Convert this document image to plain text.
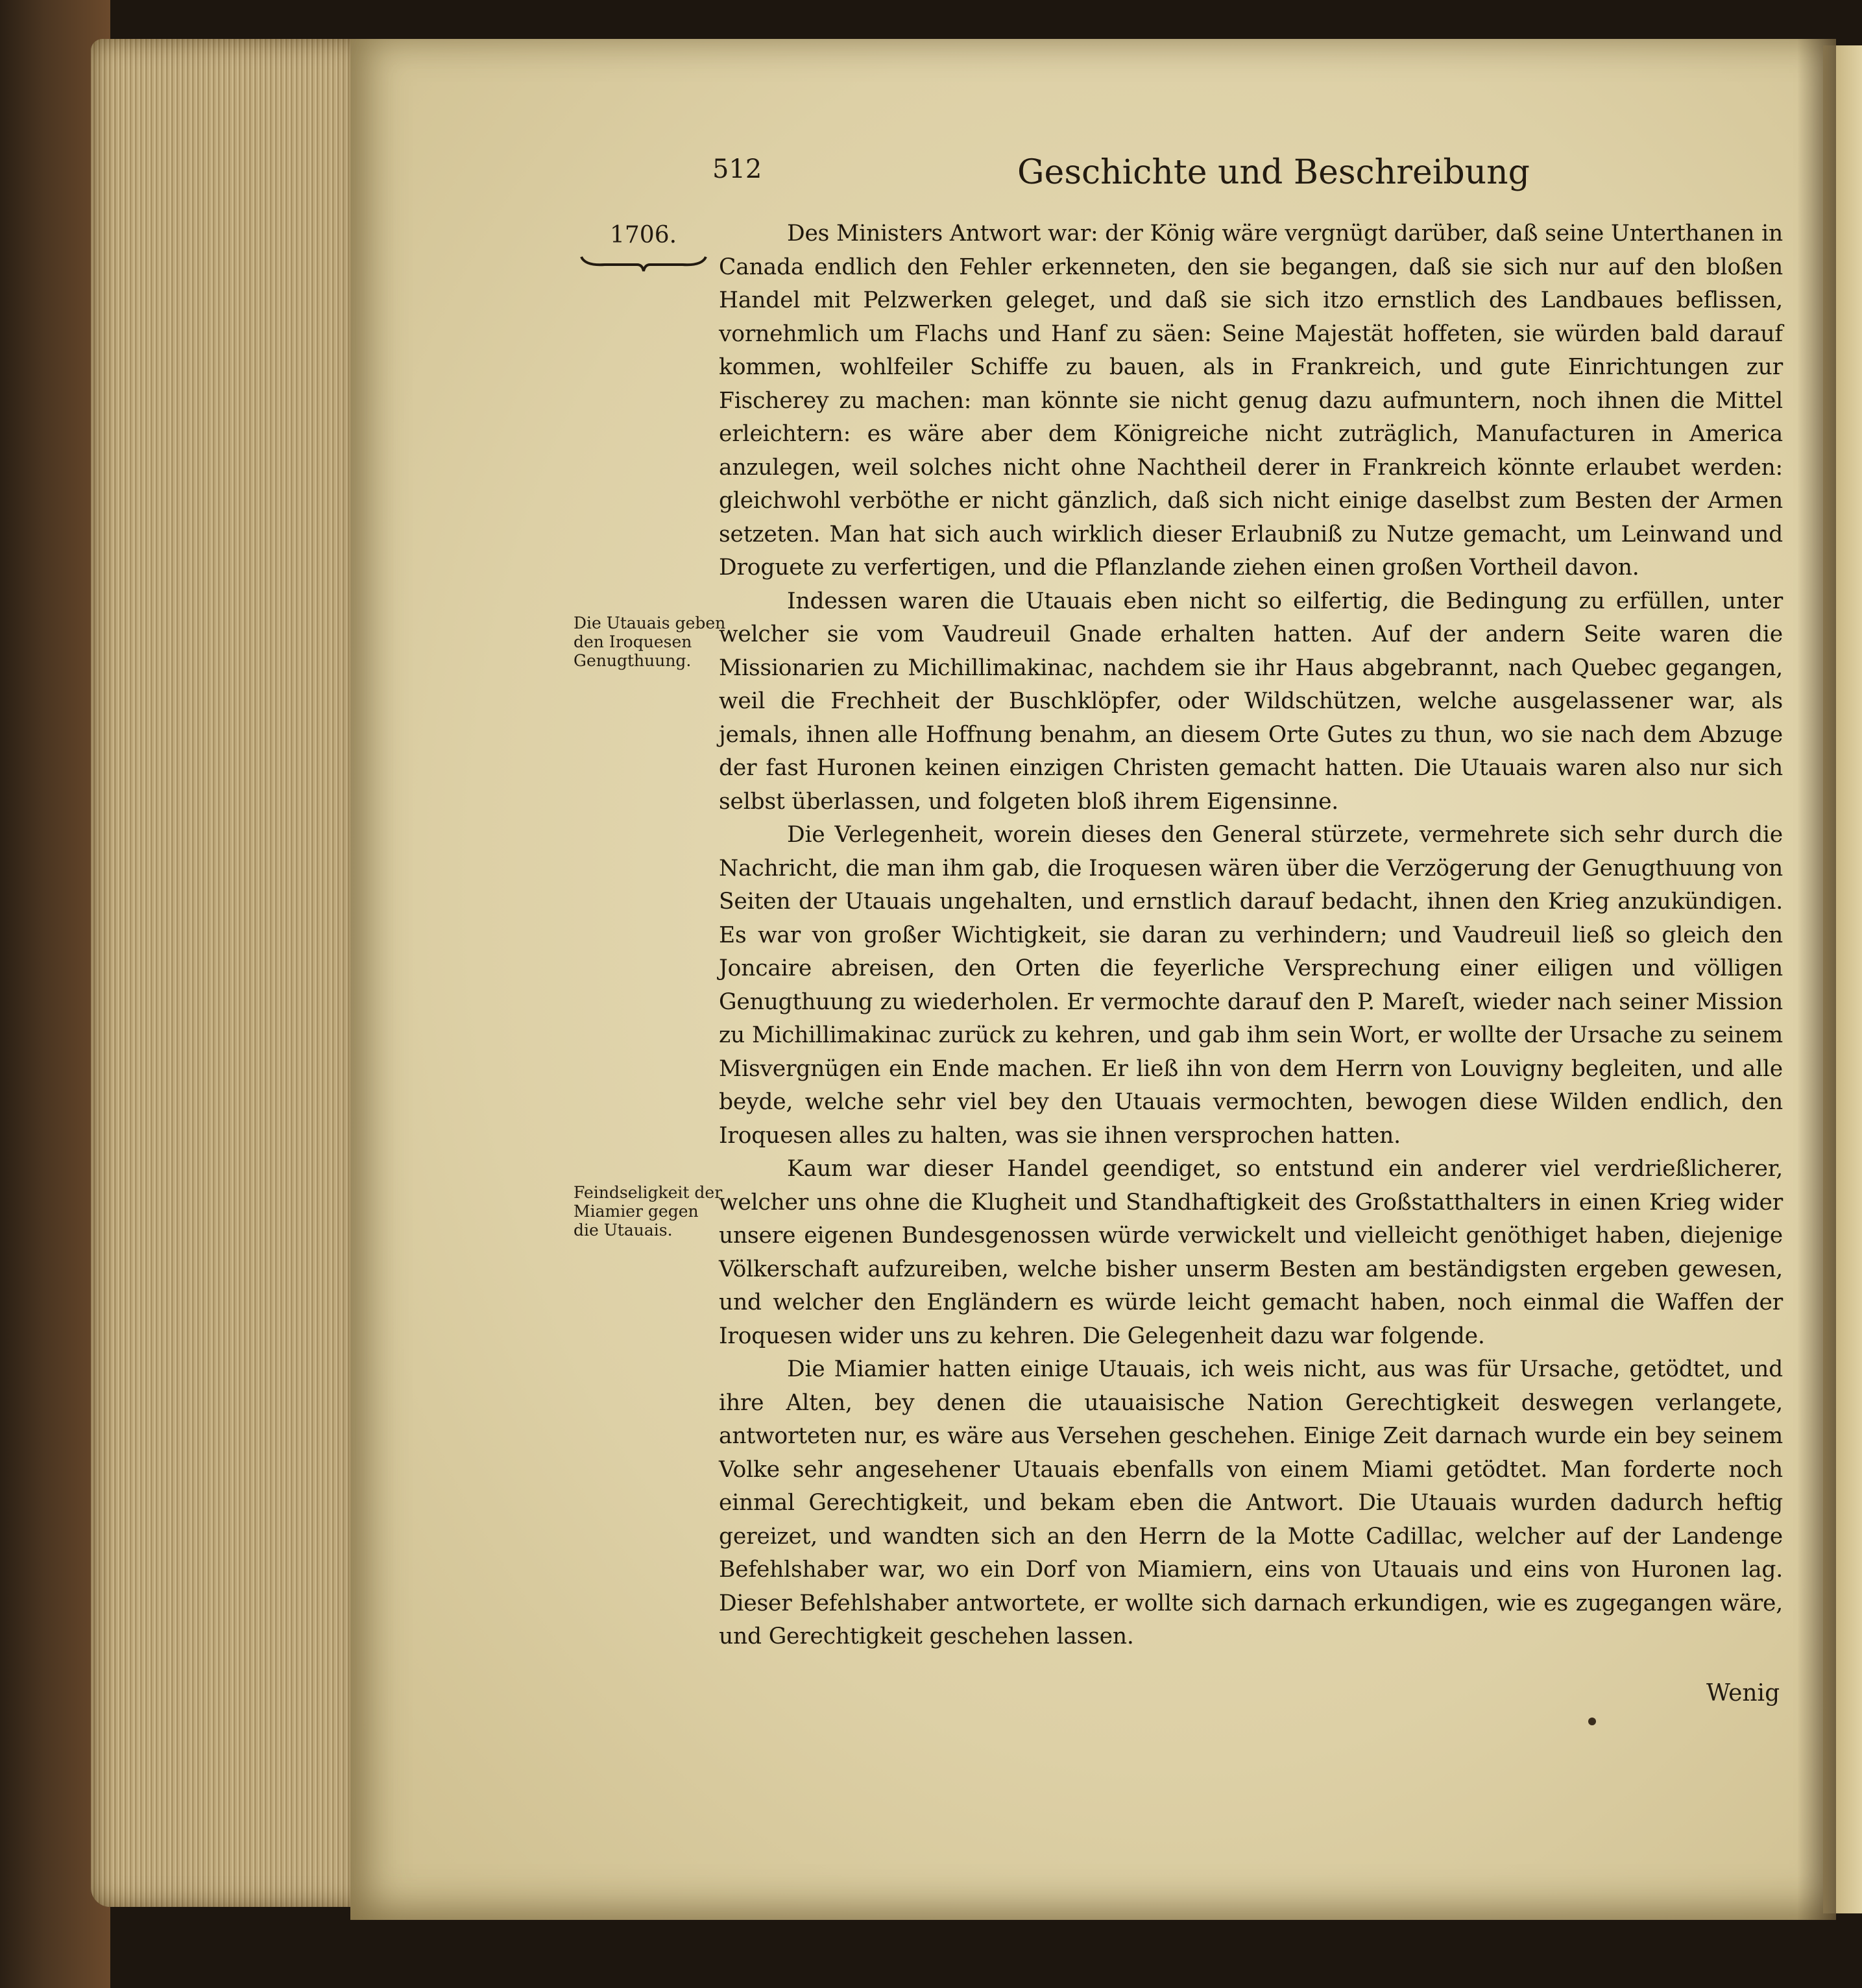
512	Geschichte und Beschreibung
1706.
Die Utauais geben den Iroquesen Genugthuung.
Feindseligkeit der Miamier gegen die Utauais.

Des Ministers Antwort war: der König wäre vergnügt darüber, daß seine Unterthanen in Canada endlich den Fehler erkenneten, den sie begangen, daß sie sich nur auf den bloßen Handel mit Pelzwerken geleget, und daß sie sich itzo ernstlich des Landbaues beflissen, vornehmlich um Flachs und Hanf zu säen: Seine Majestät hoffeten, sie würden bald darauf kommen, wohlfeiler Schiffe zu bauen, als in Frankreich, und gute Einrichtungen zur Fischerey zu machen: man könnte sie nicht genug dazu aufmuntern, noch ihnen die Mittel erleichtern: es wäre aber dem Königreiche nicht zuträglich, Manufacturen in America anzulegen, weil solches nicht ohne Nachtheil derer in Frankreich könnte erlaubet werden: gleichwohl verböthe er nicht gänzlich, daß sich nicht einige daselbst zum Besten der Armen setzeten. Man hat sich auch wirklich dieser Erlaubniß zu Nutze gemacht, um Leinwand und Droguete zu verfertigen, und die Pflanzlande ziehen einen großen Vortheil davon.

Indessen waren die Utauais eben nicht so eilfertig, die Bedingung zu erfüllen, unter welcher sie vom Vaudreuil Gnade erhalten hatten. Auf der andern Seite waren die Missionarien zu Michillimakinac, nachdem sie ihr Haus abgebrannt, nach Quebec gegangen, weil die Frechheit der Buschklöpfer, oder Wildschützen, welche ausgelassener war, als jemals, ihnen alle Hoffnung benahm, an diesem Orte Gutes zu thun, wo sie nach dem Abzuge der fast Huronen keinen einzigen Christen gemacht hatten. Die Utauais waren also nur sich selbst überlassen, und folgeten bloß ihrem Eigensinne.

Die Verlegenheit, worein dieses den General stürzete, vermehrete sich sehr durch die Nachricht, die man ihm gab, die Iroquesen wären über die Verzögerung der Genugthuung von Seiten der Utauais ungehalten, und ernstlich darauf bedacht, ihnen den Krieg anzukündigen. Es war von großer Wichtigkeit, sie daran zu verhindern; und Vaudreuil ließ so gleich den Joncaire abreisen, den Orten die feyerliche Versprechung einer eiligen und völligen Genugthuung zu wiederholen. Er vermochte darauf den P. Mareſt, wieder nach seiner Mission zu Michillimakinac zurück zu kehren, und gab ihm sein Wort, er wollte der Ursache zu seinem Misvergnügen ein Ende machen. Er ließ ihn von dem Herrn von Louvigny begleiten, und alle beyde, welche sehr viel bey den Utauais vermochten, bewogen diese Wilden endlich, den Iroquesen alles zu halten, was sie ihnen versprochen hatten.

Kaum war dieser Handel geendiget, so entstund ein anderer viel verdrießlicherer, welcher uns ohne die Klugheit und Standhaftigkeit des Großstatthalters in einen Krieg wider unsere eigenen Bundesgenossen würde verwickelt und vielleicht genöthiget haben, diejenige Völkerschaft aufzureiben, welche bisher unserm Besten am beständigsten ergeben gewesen, und welcher den Engländern es würde leicht gemacht haben, noch einmal die Waffen der Iroquesen wider uns zu kehren. Die Gelegenheit dazu war folgende.

Die Miamier hatten einige Utauais, ich weis nicht, aus was für Ursache, getödtet, und ihre Alten, bey denen die utauaisische Nation Gerechtigkeit deswegen verlangete, antworteten nur, es wäre aus Versehen geschehen. Einige Zeit darnach wurde ein bey seinem Volke sehr angesehener Utauais ebenfalls von einem Miami getödtet. Man forderte noch einmal Gerechtigkeit, und bekam eben die Antwort. Die Utauais wurden dadurch heftig gereizet, und wandten sich an den Herrn de la Motte Cadillac, welcher auf der Landenge Befehlshaber war, wo ein Dorf von Miamiern, eins von Utauais und eins von Huronen lag. Dieser Befehlshaber antwortete, er wollte sich darnach erkundigen, wie es zugegangen wäre, und Gerechtigkeit geschehen lassen.

Wenig
